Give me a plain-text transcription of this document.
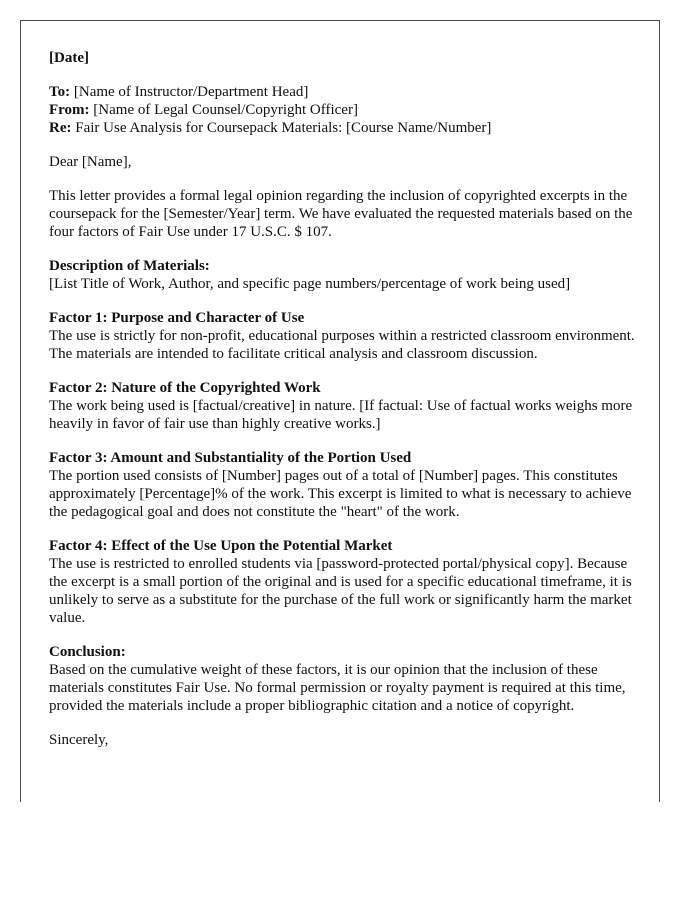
[Date]

To: [Name of Instructor/Department Head]
From: [Name of Legal Counsel/Copyright Officer]
Re: Fair Use Analysis for Coursepack Materials: [Course Name/Number]

Dear [Name],

This letter provides a formal legal opinion regarding the inclusion of copyrighted excerpts in the coursepack for the [Semester/Year] term. We have evaluated the requested materials based on the four factors of Fair Use under 17 U.S.C. $ 107.

Description of Materials:
[List Title of Work, Author, and specific page numbers/percentage of work being used]
Factor 1: Purpose and Character of Use
The use is strictly for non-profit, educational purposes within a restricted classroom environment. The materials are intended to facilitate critical analysis and classroom discussion.
Factor 2: Nature of the Copyrighted Work
The work being used is [factual/creative] in nature. [If factual: Use of factual works weighs more heavily in favor of fair use than highly creative works.]
Factor 3: Amount and Substantiality of the Portion Used
The portion used consists of [Number] pages out of a total of [Number] pages. This constitutes approximately [Percentage]% of the work. This excerpt is limited to what is necessary to achieve the pedagogical goal and does not constitute the "heart" of the work.
Factor 4: Effect of the Use Upon the Potential Market
The use is restricted to enrolled students via [password-protected portal/physical copy]. Because the excerpt is a small portion of the original and is used for a specific educational timeframe, it is unlikely to serve as a substitute for the purchase of the full work or significantly harm the market value.
Conclusion:
Based on the cumulative weight of these factors, it is our opinion that the inclusion of these materials constitutes Fair Use. No formal permission or royalty payment is required at this time, provided the materials include a proper bibliographic citation and a notice of copyright.

Sincerely,
